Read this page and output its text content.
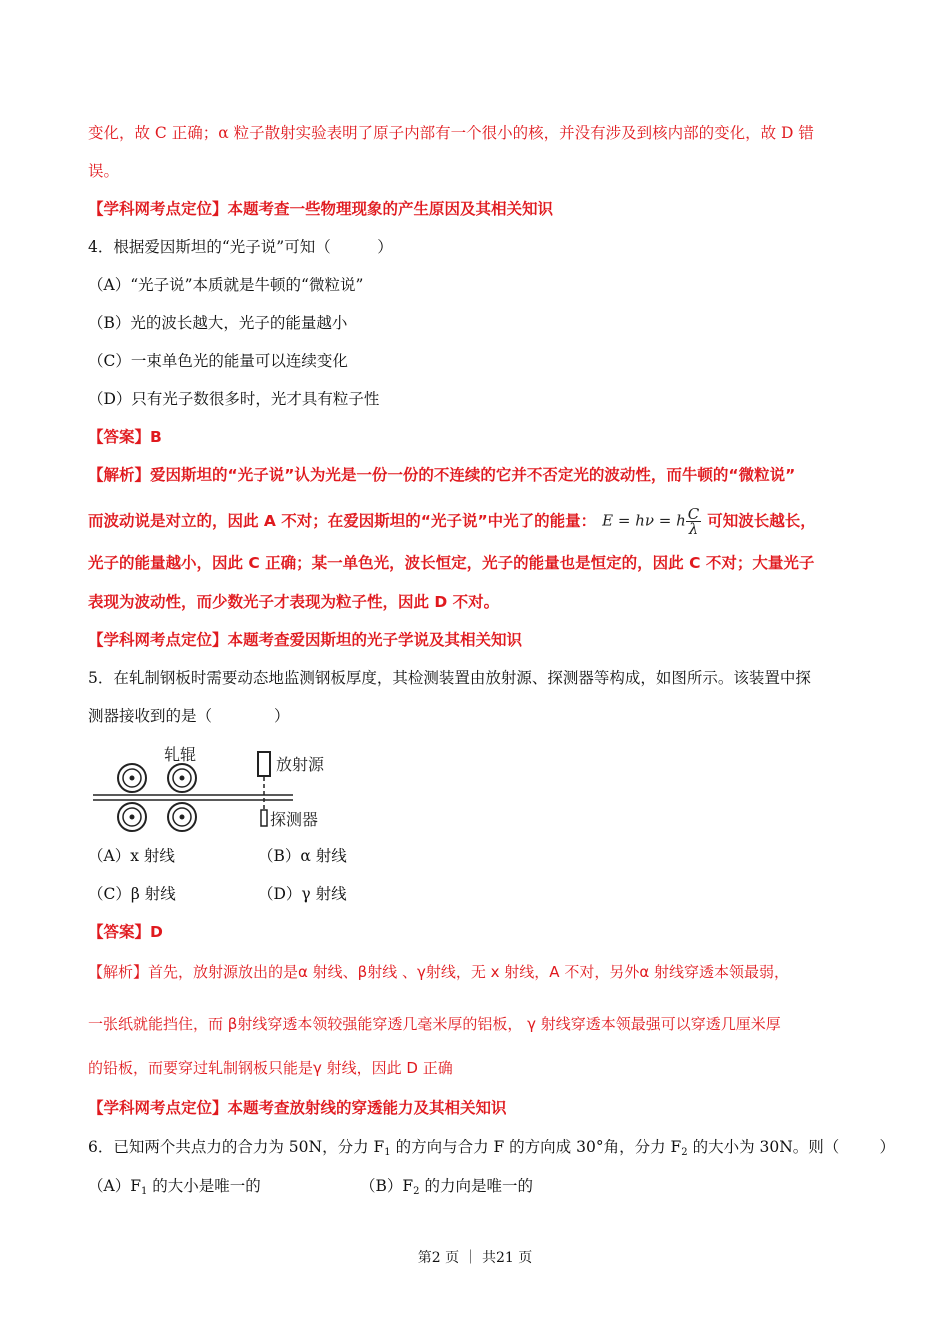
变化，故 C 正确；α 粒子散射实验表明了原子内部有一个很小的核，并没有涉及到核内部的变化，故 D 错
误。
【学科网考点定位】本题考查一些物理现象的产生原因及其相关知识
4．根据爱因斯坦的“光子说”可知（　　　）
（A）“光子说”本质就是牛顿的“微粒说”
（B）光的波长越大，光子的能量越小
（C）一束单色光的能量可以连续变化
（D）只有光子数很多时，光才具有粒子性
【答案】B
【解析】爱因斯坦的“光子说”认为光是一份一份的不连续的它并不否定光的波动性，而牛顿的“微粒说”
而波动说是对立的，因此 A 不对；在爱因斯坦的“光子说”中光了的能量： E = hν = h $\frac{C}{\lambda}$ 可知波长越长，
光子的能量越小，因此 C 正确；某一单色光，波长恒定，光子的能量也是恒定的，因此 C 不对；大量光子
表现为波动性，而少数光子才表现为粒子性，因此 D 不对。
【学科网考点定位】本题考查爱因斯坦的光子学说及其相关知识
5．在轧制钢板时需要动态地监测钢板厚度，其检测装置由放射源、探测器等构成，如图所示。该装置中探
测器接收到的是（　　　　）
轧辊
放射源
探测器
（A）x 射线	（B）α 射线
（C）β 射线	（D）γ 射线
【答案】D
【解析】首先，放射源放出的是α 射线、β射线 、γ射线，无 x 射线，A 不对，另外α 射线穿透本领最弱，
一张纸就能挡住，而 β射线穿透本领较强能穿透几毫米厚的铝板， γ 射线穿透本领最强可以穿透几厘米厚
的铅板，而要穿过轧制钢板只能是γ 射线，因此 D 正确
【学科网考点定位】本题考查放射线的穿透能力及其相关知识
6．已知两个共点力的合力为 50N，分力 $F_1$ 的方向与合力 F 的方向成 30°角，分力 $F_2$ 的大小为 30N。则（	）
$(A)F_1$ 的大小是唯一的	$(B)F_2$ 的力向是唯一的
第2 页 ｜ 共21 页
